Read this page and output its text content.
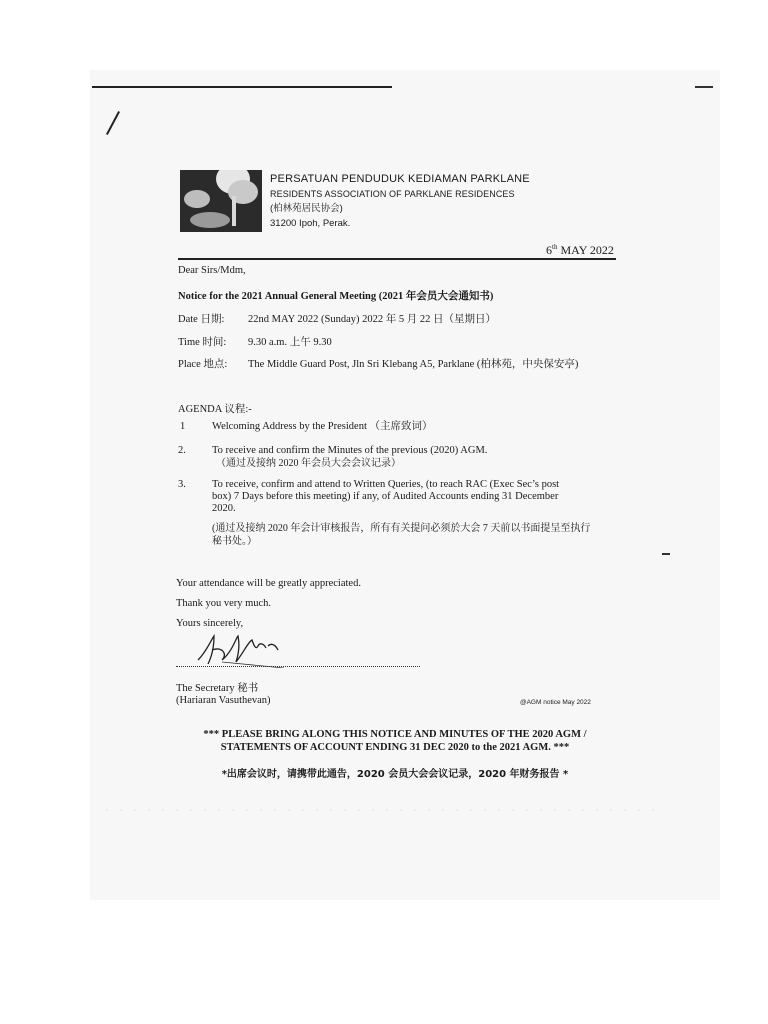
PERSATUAN PENDUDUK KEDIAMAN PARKLANE
RESIDENTS ASSOCIATION OF PARKLANE RESIDENCES
(柏林苑居民协会)
31200 Ipoh, Perak.
6th MAY 2022
Dear Sirs/Mdm,
Notice for the 2021 Annual General Meeting (2021 年会员大会通知书)
Date 日期: 22nd MAY 2022 (Sunday) 2022 年 5 月 22 日（星期日）
Time 时间: 9.30 a.m. 上午 9.30
Place 地点: The Middle Guard Post, Jln Sri Klebang A5, Parklane (柏林苑，中央保安亭)
AGENDA 议程:-
1	Welcoming Address by the President （主席致词）
2. To receive and confirm the Minutes of the previous (2020) AGM.
（通过及接纳 2020 年会员大会会议记录）
3. To receive, confirm and attend to Written Queries, (to reach RAC (Exec Sec’s post
box) 7 Days before this meeting) if any, of Audited Accounts ending 31 December
2020.
(通过及接纳 2020 年会计审核报告，所有有关提问必须於大会 7 天前以书面提呈至执行
秘书处。）
Your attendance will be greatly appreciated.
Thank you very much.
Yours sincerely,
The Secretary 秘书
(Hariaran Vasuthevan)	@AGM notice May 2022
*** PLEASE BRING ALONG THIS NOTICE AND MINUTES OF THE 2020 AGM /
STATEMENTS OF ACCOUNT ENDING 31 DEC 2020 to the 2021 AGM. ***
*出席会议时，请携带此通告，2020 会员大会会议记录，2020 年财务报告 *
